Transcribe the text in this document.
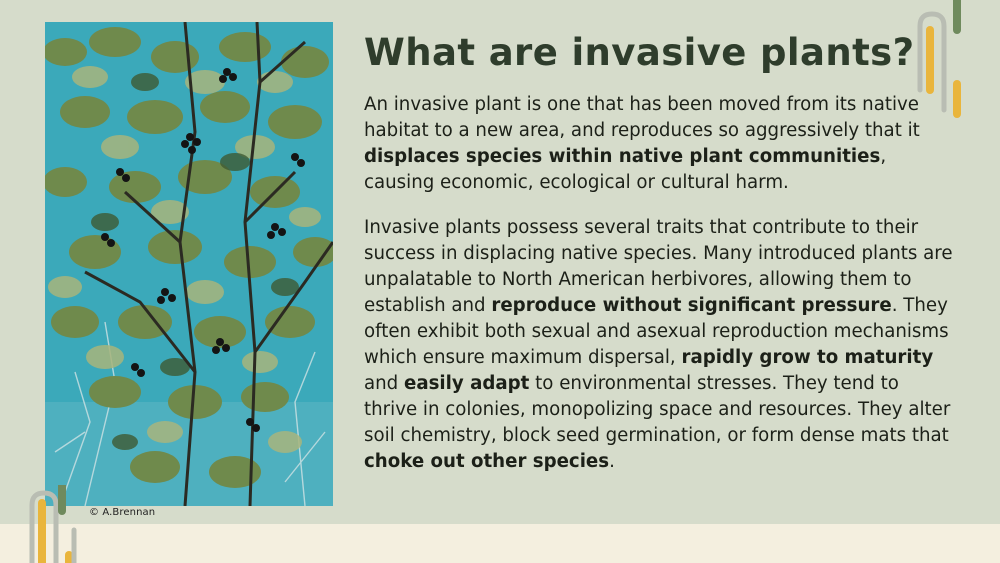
© A.Brennan
What are invasive plants?

An invasive plant is one that has been moved from its native habitat to a new area, and reproduces so aggressively that it displaces species within native plant communities, causing economic, ecological or cultural harm.

Invasive plants possess several traits that contribute to their success in displacing native species. Many introduced plants are unpalatable to North American herbivores, allowing them to establish and reproduce without significant pressure. They often exhibit both sexual and asexual reproduction mechanisms which ensure maximum dispersal, rapidly grow to maturity and easily adapt to environmental stresses. They tend to thrive in colonies, monopolizing space and resources. They alter soil chemistry, block seed germination, or form dense mats that choke out other species.
